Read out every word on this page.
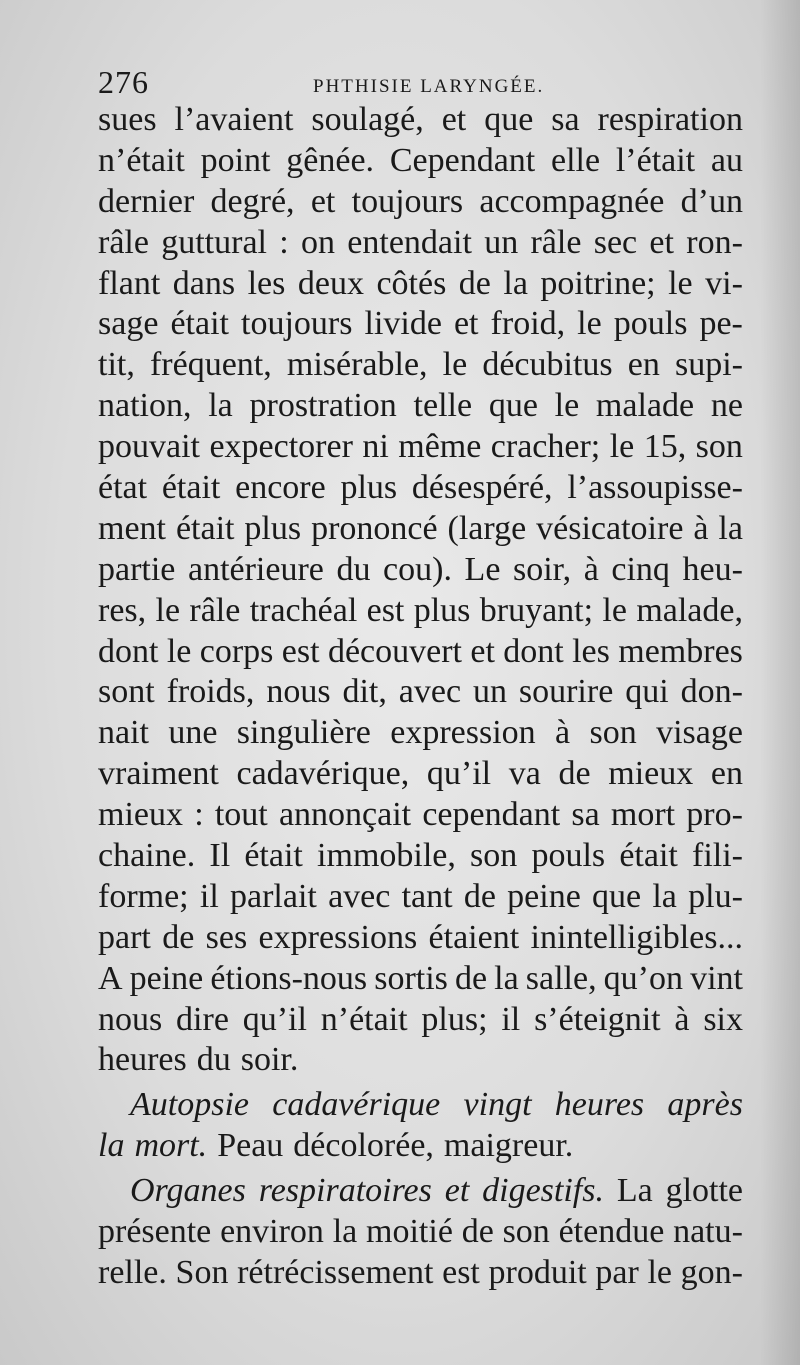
276	PHTHISIE LARYNGÉE.
sues l’avaient soulagé, et que sa respiration
n’était point gênée. Cependant elle l’était au
dernier degré, et toujours accompagnée d’un
râle guttural : on entendait un râle sec et ron-
flant dans les deux côtés de la poitrine; le vi-
sage était toujours livide et froid, le pouls pe-
tit, fréquent, misérable, le décubitus en supi-
nation, la prostration telle que le malade ne
pouvait expectorer ni même cracher; le 15, son
état était encore plus désespéré, l’assoupisse-
ment était plus prononcé (large vésicatoire à la
partie antérieure du cou). Le soir, à cinq heu-
res, le râle trachéal est plus bruyant; le malade,
dont le corps est découvert et dont les membres
sont froids, nous dit, avec un sourire qui don-
nait une singulière expression à son visage
vraiment cadavérique, qu’il va de mieux en
mieux : tout annonçait cependant sa mort pro-
chaine. Il était immobile, son pouls était fili-
forme; il parlait avec tant de peine que la plu-
part de ses expressions étaient inintelligibles...
A peine étions-nous sortis de la salle, qu’on vint
nous dire qu’il n’était plus; il s’éteignit à six
heures du soir.
Autopsie cadavérique vingt heures après
la mort. Peau décolorée, maigreur.
Organes respiratoires et digestifs. La glotte
présente environ la moitié de son étendue natu-
relle. Son rétrécissement est produit par le gon-
